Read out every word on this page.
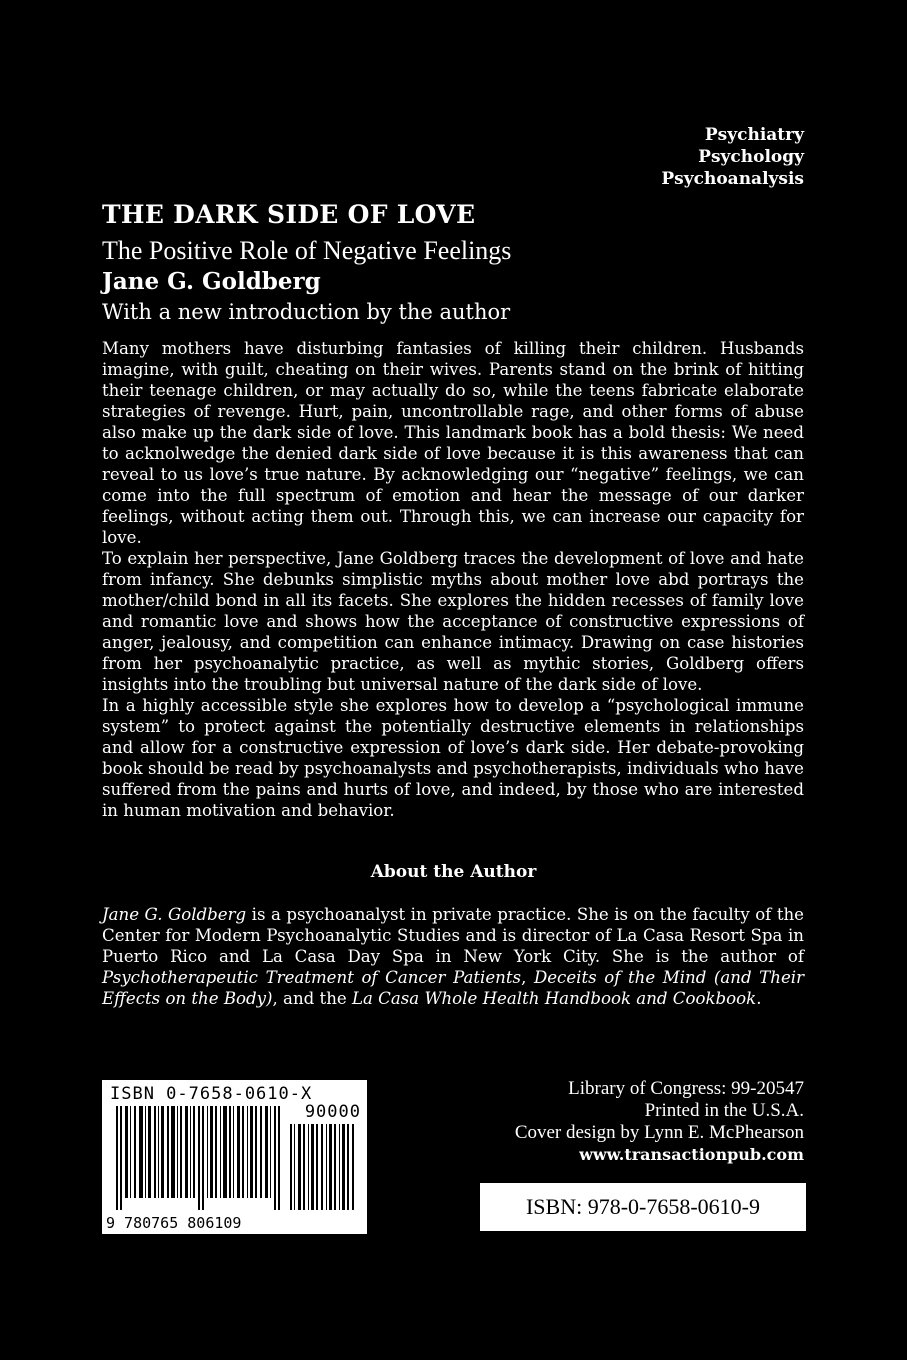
Psychiatry
Psychology
Psychoanalysis
THE DARK SIDE OF LOVE
The Positive Role of Negative Feelings
Jane G. Goldberg
With a new introduction by the author

Many mothers have disturbing fantasies of killing their children. Husbands imagine, with guilt, cheating on their wives. Parents stand on the brink of hitting their teenage children, or may actually do so, while the teens fabricate elaborate strategies of revenge. Hurt, pain, uncontrollable rage, and other forms of abuse also make up the dark side of love. This landmark book has a bold thesis: We need to acknolwedge the denied dark side of love because it is this awareness that can reveal to us love’s true nature. By acknowledging our “negative” feelings, we can come into the full spectrum of emotion and hear the message of our darker feelings, without acting them out. Through this, we can increase our capacity for love.

To explain her perspective, Jane Goldberg traces the development of love and hate from infancy. She debunks simplistic myths about mother love abd portrays the mother/child bond in all its facets. She explores the hidden recesses of family love and romantic love and shows how the acceptance of constructive expressions of anger, jealousy, and competition can enhance intimacy. Drawing on case histories from her psychoanalytic practice, as well as mythic stories, Goldberg offers insights into the troubling but universal nature of the dark side of love.

In a highly accessible style she explores how to develop a “psychological immune system” to protect against the potentially destructive elements in relationships and allow for a constructive expression of love’s dark side. Her debate-provoking book should be read by psychoanalysts and psychotherapists, individuals who have suffered from the pains and hurts of love, and indeed, by those who are interested in human motivation and behavior.

About the Author
Jane G. Goldberg is a psychoanalyst in private practice. She is on the faculty of the Center for Modern Psychoanalytic Studies and is director of La Casa Resort Spa in Puerto Rico and La Casa Day Spa in New York City. She is the author of Psychotherapeutic Treatment of Cancer Patients, Deceits of the Mind (and Their Effects on the Body), and the La Casa Whole Health Handbook and Cookbook.
ISBN 0-7658-0610-X
90000
9 780765 806109
Library of Congress: 99-20547
Printed in the U.S.A.
Cover design by Lynn E. McPhearson
www.transactionpub.com
ISBN: 978-0-7658-0610-9
